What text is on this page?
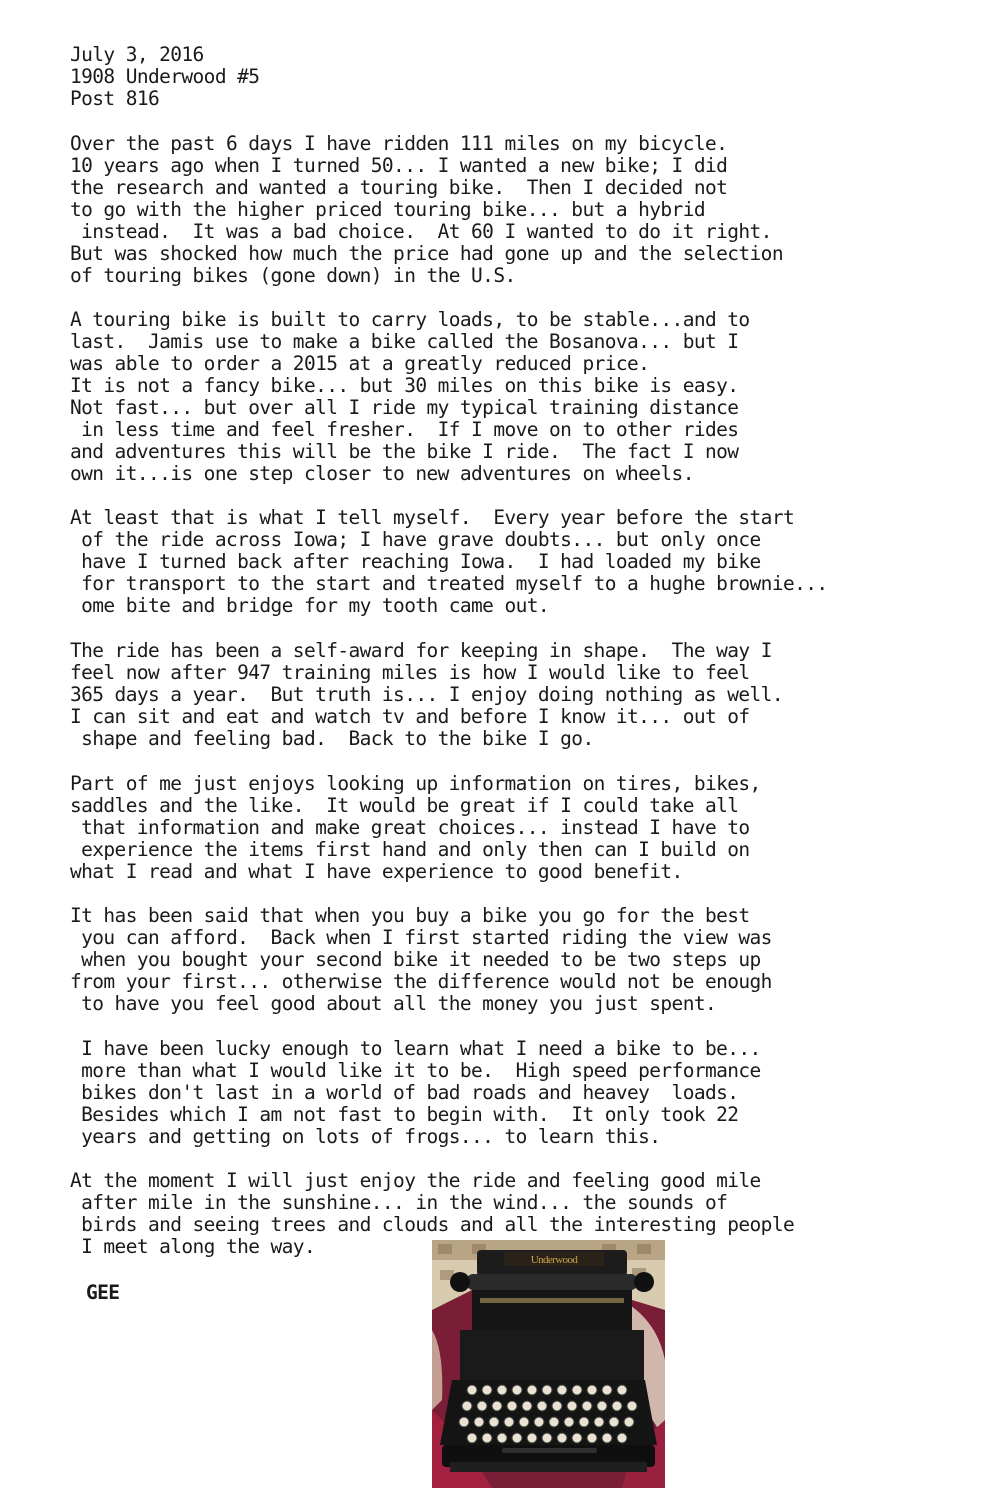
July 3, 2016
1908 Underwood #5
Post 816
Over the past 6 days I have ridden 111 miles on my bicycle.
10 years ago when I turned 50... I wanted a new bike; I did
the research and wanted a touring bike.  Then I decided not
to go with the higher priced touring bike... but a hybrid
instead.  It was a bad choice.  At 60 I wanted to do it right.
But was shocked how much the price had gone up and the selection
of touring bikes (gone down) in the U.S.
A touring bike is built to carry loads, to be stable...and to
last.  Jamis use to make a bike called the Bosanova... but I
was able to order a 2015 at a greatly reduced price.
It is not a fancy bike... but 30 miles on this bike is easy.
Not fast... but over all I ride my typical training distance
in less time and feel fresher.  If I move on to other rides
and adventures this will be the bike I ride.  The fact I now
own it...is one step closer to new adventures on wheels.
At least that is what I tell myself.  Every year before the start
of the ride across Iowa; I have grave doubts... but only once
have I turned back after reaching Iowa.  I had loaded my bike
for transport to the start and treated myself to a hughe brownie...
ome bite and bridge for my tooth came out.
The ride has been a self-award for keeping in shape.  The way I
feel now after 947 training miles is how I would like to feel
365 days a year.  But truth is... I enjoy doing nothing as well.
I can sit and eat and watch tv and before I know it... out of
shape and feeling bad.  Back to the bike I go.
Part of me just enjoys looking up information on tires, bikes,
saddles and the like.  It would be great if I could take all
that information and make great choices... instead I have to
experience the items first hand and only then can I build on
what I read and what I have experience to good benefit.
It has been said that when you buy a bike you go for the best
you can afford.  Back when I first started riding the view was
when you bought your second bike it needed to be two steps up
from your first... otherwise the difference would not be enough
to have you feel good about all the money you just spent.
I have been lucky enough to learn what I need a bike to be...
more than what I would like it to be.  High speed performance
bikes don't last in a world of bad roads and heavey  loads.
Besides which I am not fast to begin with.  It only took 22
years and getting on lots of frogs... to learn this.
At the moment I will just enjoy the ride and feeling good mile
after mile in the sunshine... in the wind... the sounds of
birds and seeing trees and clouds and all the interesting people
I meet along the way.
GEE
Underwood
